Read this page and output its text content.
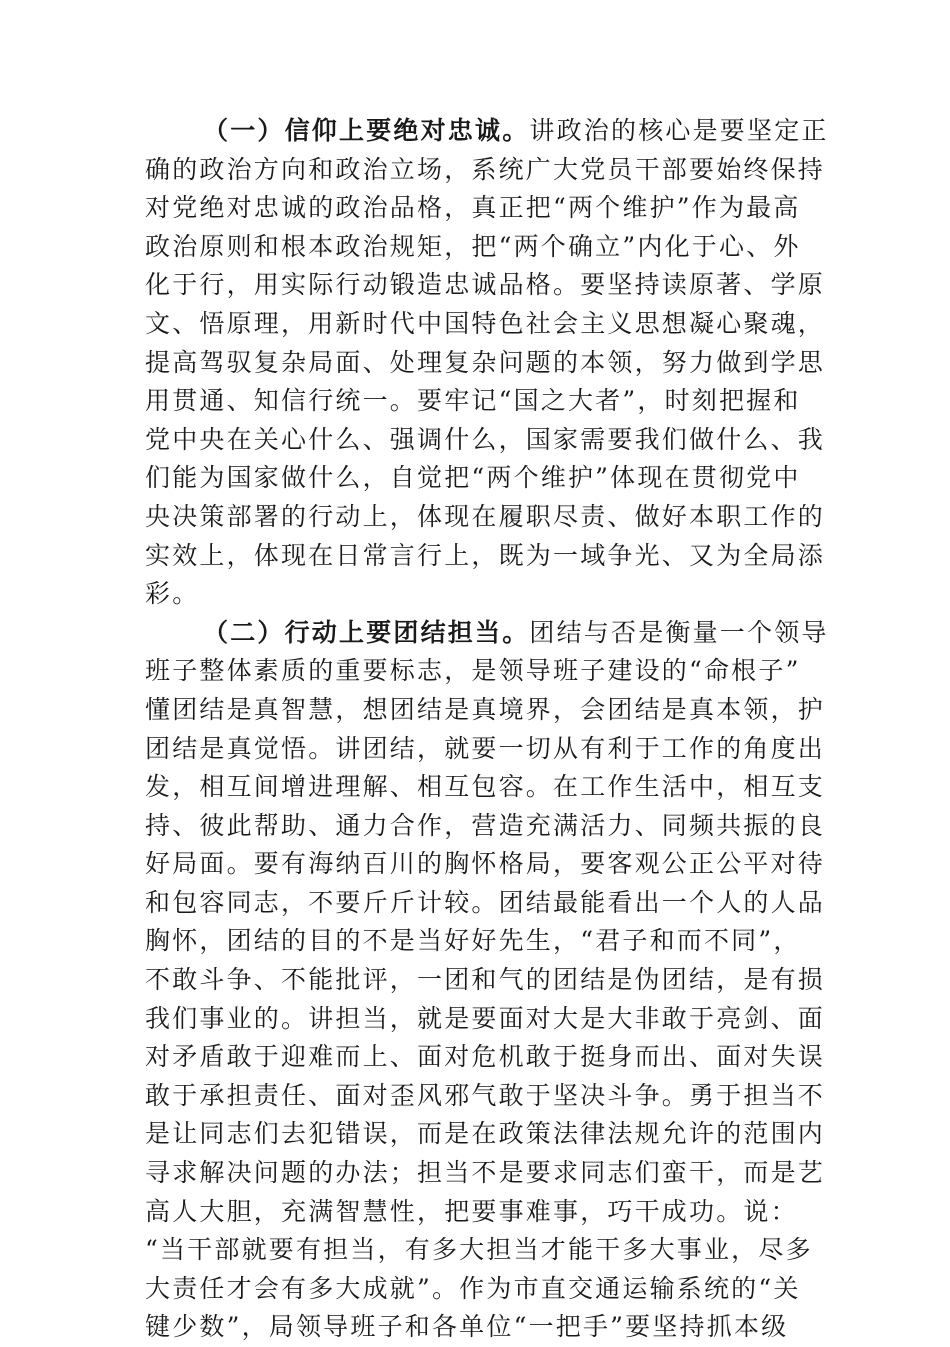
（一）信仰上要绝对忠诚。讲政治的核心是要坚定正
确的政治方向和政治立场，系统广大党员干部要始终保持
对党绝对忠诚的政治品格，真正把“两个维护”作为最高
政治原则和根本政治规矩，把“两个确立”内化于心、外
化于行，用实际行动锻造忠诚品格。要坚持读原著、学原
文、悟原理，用新时代中国特色社会主义思想凝心聚魂，
提高驾驭复杂局面、处理复杂问题的本领，努力做到学思
用贯通、知信行统一。要牢记“国之大者”，时刻把握和
党中央在关心什么、强调什么，国家需要我们做什么、我
们能为国家做什么，自觉把“两个维护”体现在贯彻党中
央决策部署的行动上，体现在履职尽责、做好本职工作的
实效上，体现在日常言行上，既为一域争光、又为全局添
彩。
（二）行动上要团结担当。团结与否是衡量一个领导
班子整体素质的重要标志，是领导班子建设的“命根子”
懂团结是真智慧，想团结是真境界，会团结是真本领，护
团结是真觉悟。讲团结，就要一切从有利于工作的角度出
发，相互间增进理解、相互包容。在工作生活中，相互支
持、彼此帮助、通力合作，营造充满活力、同频共振的良
好局面。要有海纳百川的胸怀格局，要客观公正公平对待
和包容同志，不要斤斤计较。团结最能看出一个人的人品
胸怀，团结的目的不是当好好先生，“君子和而不同”，
不敢斗争、不能批评，一团和气的团结是伪团结，是有损
我们事业的。讲担当，就是要面对大是大非敢于亮剑、面
对矛盾敢于迎难而上、面对危机敢于挺身而出、面对失误
敢于承担责任、面对歪风邪气敢于坚决斗争。勇于担当不
是让同志们去犯错误，而是在政策法律法规允许的范围内
寻求解决问题的办法；担当不是要求同志们蛮干，而是艺
高人大胆，充满智慧性，把要事难事，巧干成功。说：
“当干部就要有担当，有多大担当才能干多大事业，尽多
大责任才会有多大成就”。作为市直交通运输系统的“关
键少数”，局领导班子和各单位“一把手”要坚持抓本级
